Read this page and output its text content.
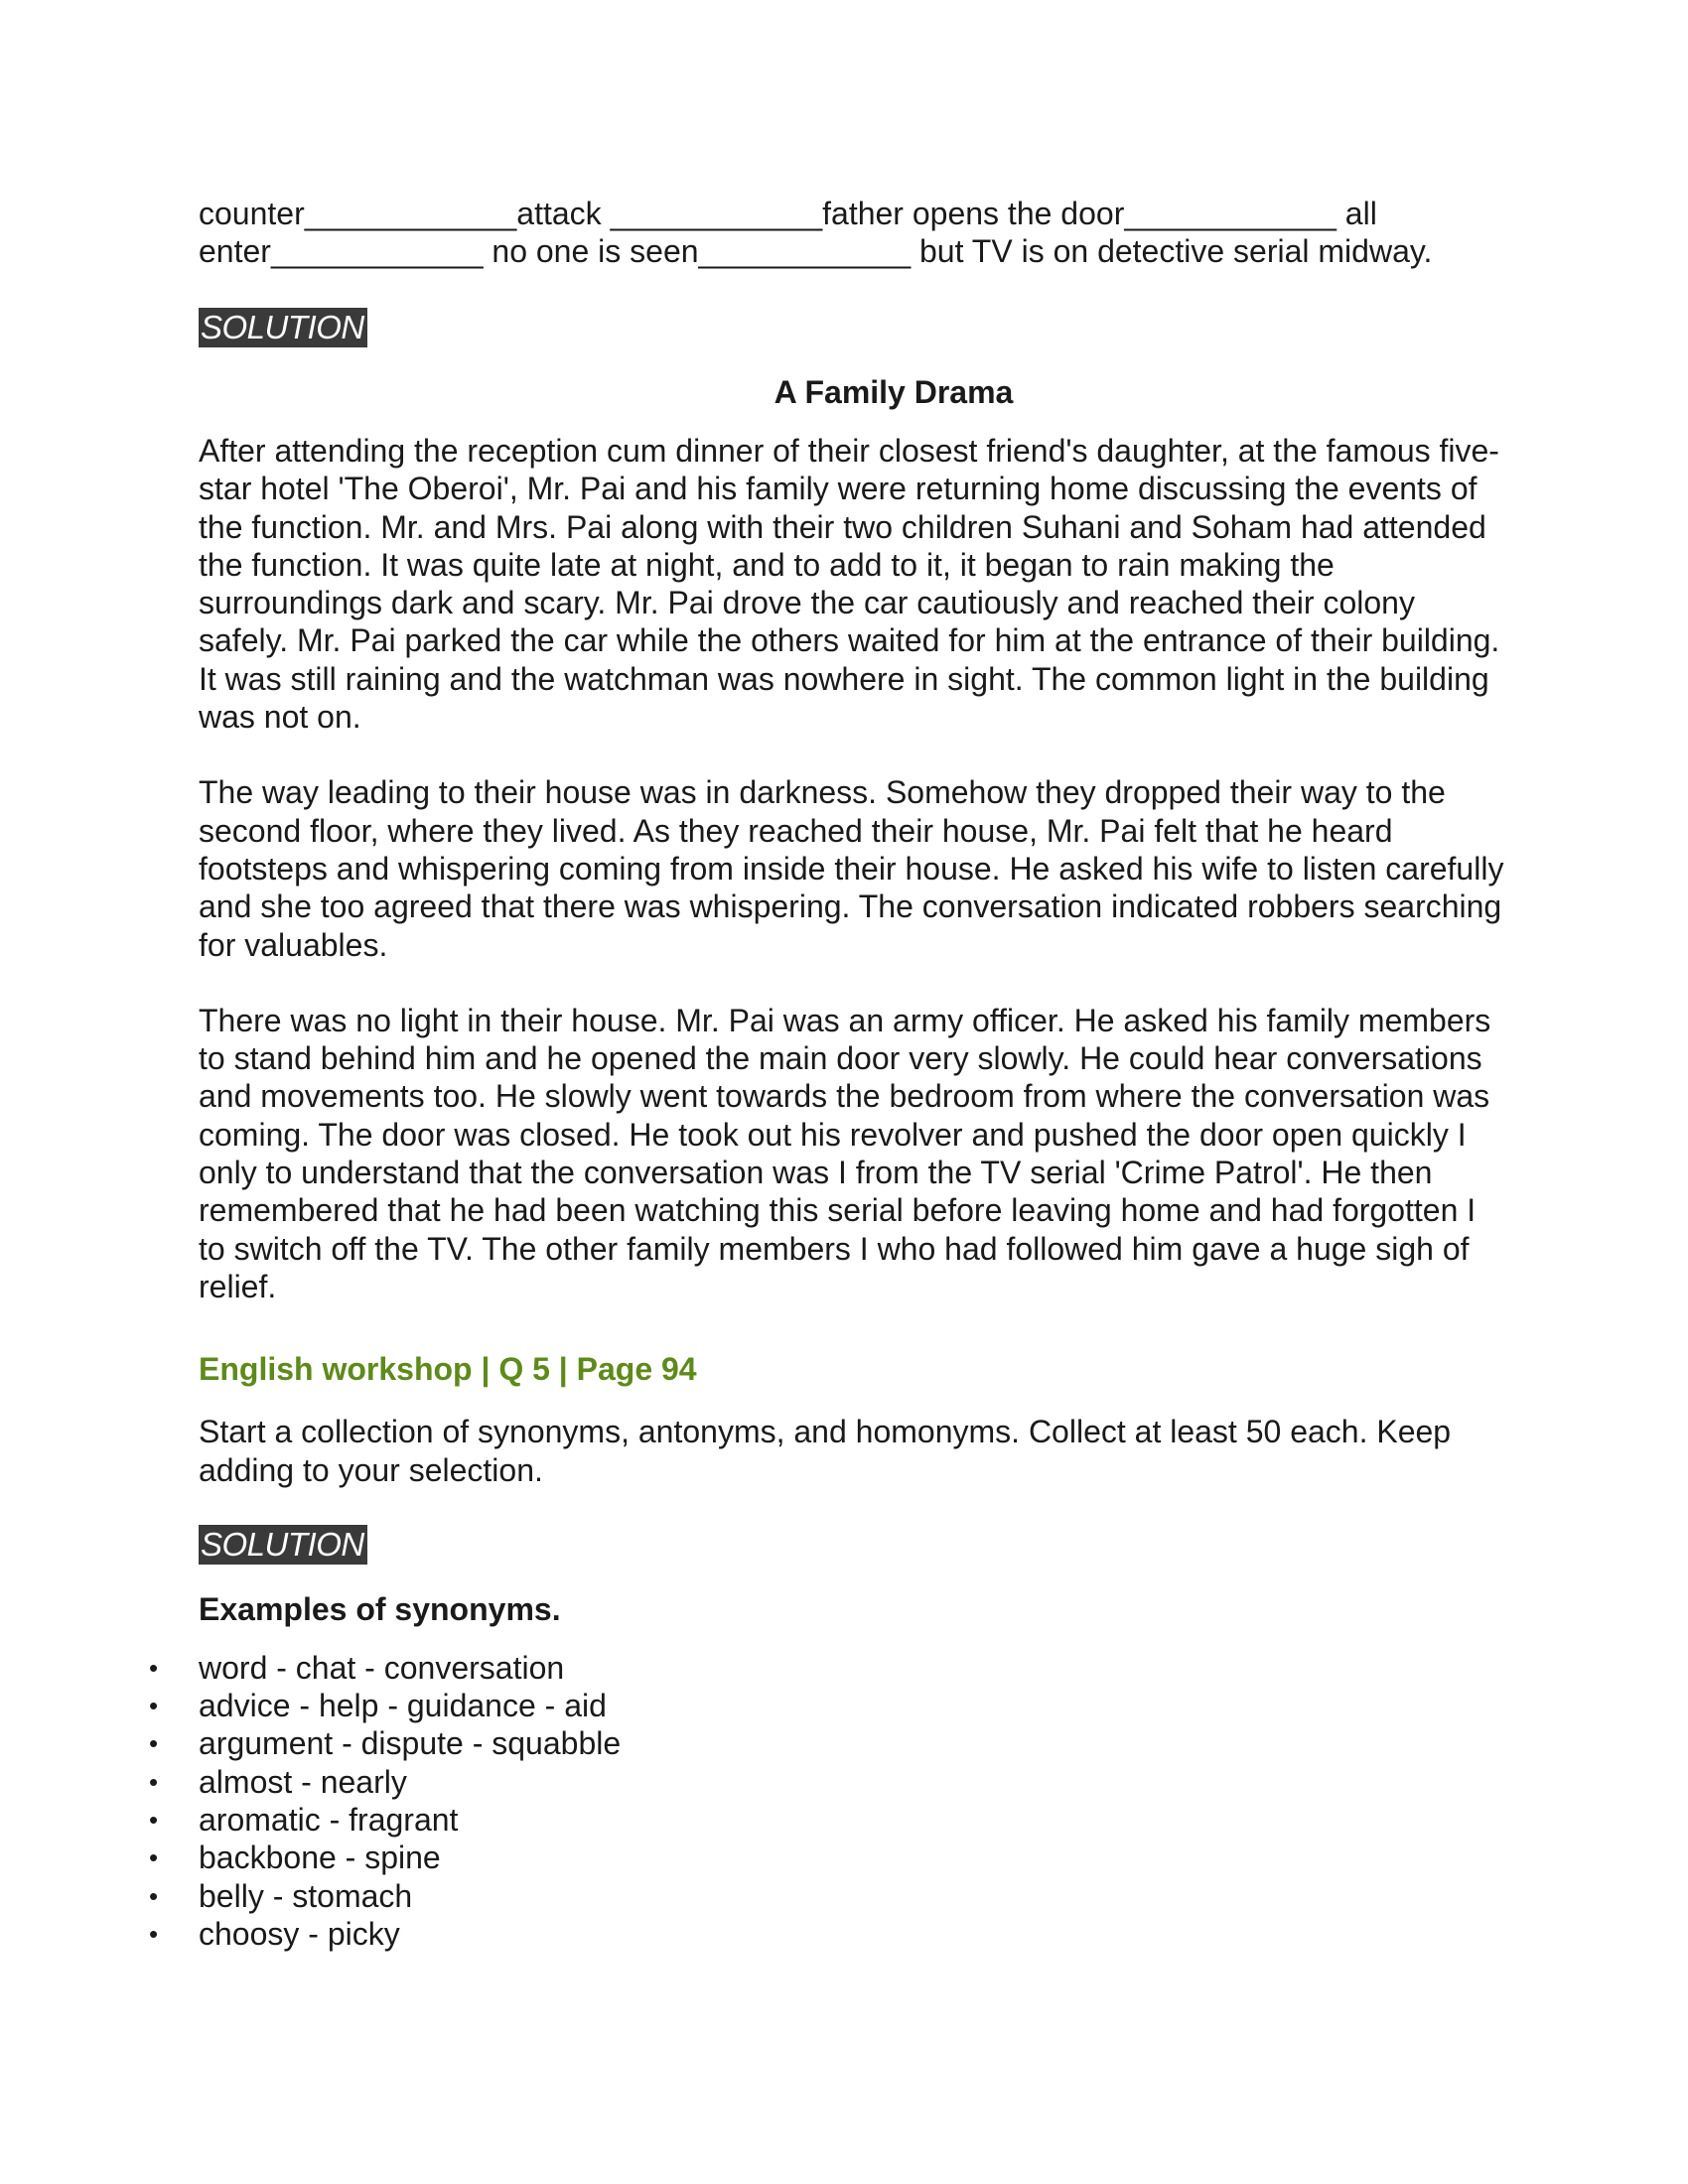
counter____________attack ____________father opens the door____________ all
enter____________ no one is seen____________ but TV is on detective serial midway.
SOLUTION
A Family Drama

After attending the reception cum dinner of their closest friend's daughter, at the famous five-star hotel 'The Oberoi', Mr. Pai and his family were returning home discussing the events of the function. Mr. and Mrs. Pai along with their two children Suhani and Soham had attended the function. It was quite late at night, and to add to it, it began to rain making the surroundings dark and scary. Mr. Pai drove the car cautiously and reached their colony safely. Mr. Pai parked the car while the others waited for him at the entrance of their building. It was still raining and the watchman was nowhere in sight. The common light in the building was not on.

The way leading to their house was in darkness. Somehow they dropped their way to the second floor, where they lived. As they reached their house, Mr. Pai felt that he heard footsteps and whispering coming from inside their house. He asked his wife to listen carefully and she too agreed that there was whispering. The conversation indicated robbers searching for valuables.

There was no light in their house. Mr. Pai was an army officer. He asked his family members to stand behind him and he opened the main door very slowly. He could hear conversations and movements too. He slowly went towards the bedroom from where the conversation was coming. The door was closed. He took out his revolver and pushed the door open quickly I only to understand that the conversation was I from the TV serial 'Crime Patrol'. He then remembered that he had been watching this serial before leaving home and had forgotten I to switch off the TV. The other family members I who had followed him gave a huge sigh of relief.

English workshop | Q 5 | Page 94

Start a collection of synonyms, antonyms, and homonyms. Collect at least 50 each. Keep adding to your selection.

SOLUTION
Examples of synonyms.
• word - chat - conversation
• advice - help - guidance - aid
• argument - dispute - squabble
• almost - nearly
• aromatic - fragrant
• backbone - spine
• belly - stomach
• choosy - picky
